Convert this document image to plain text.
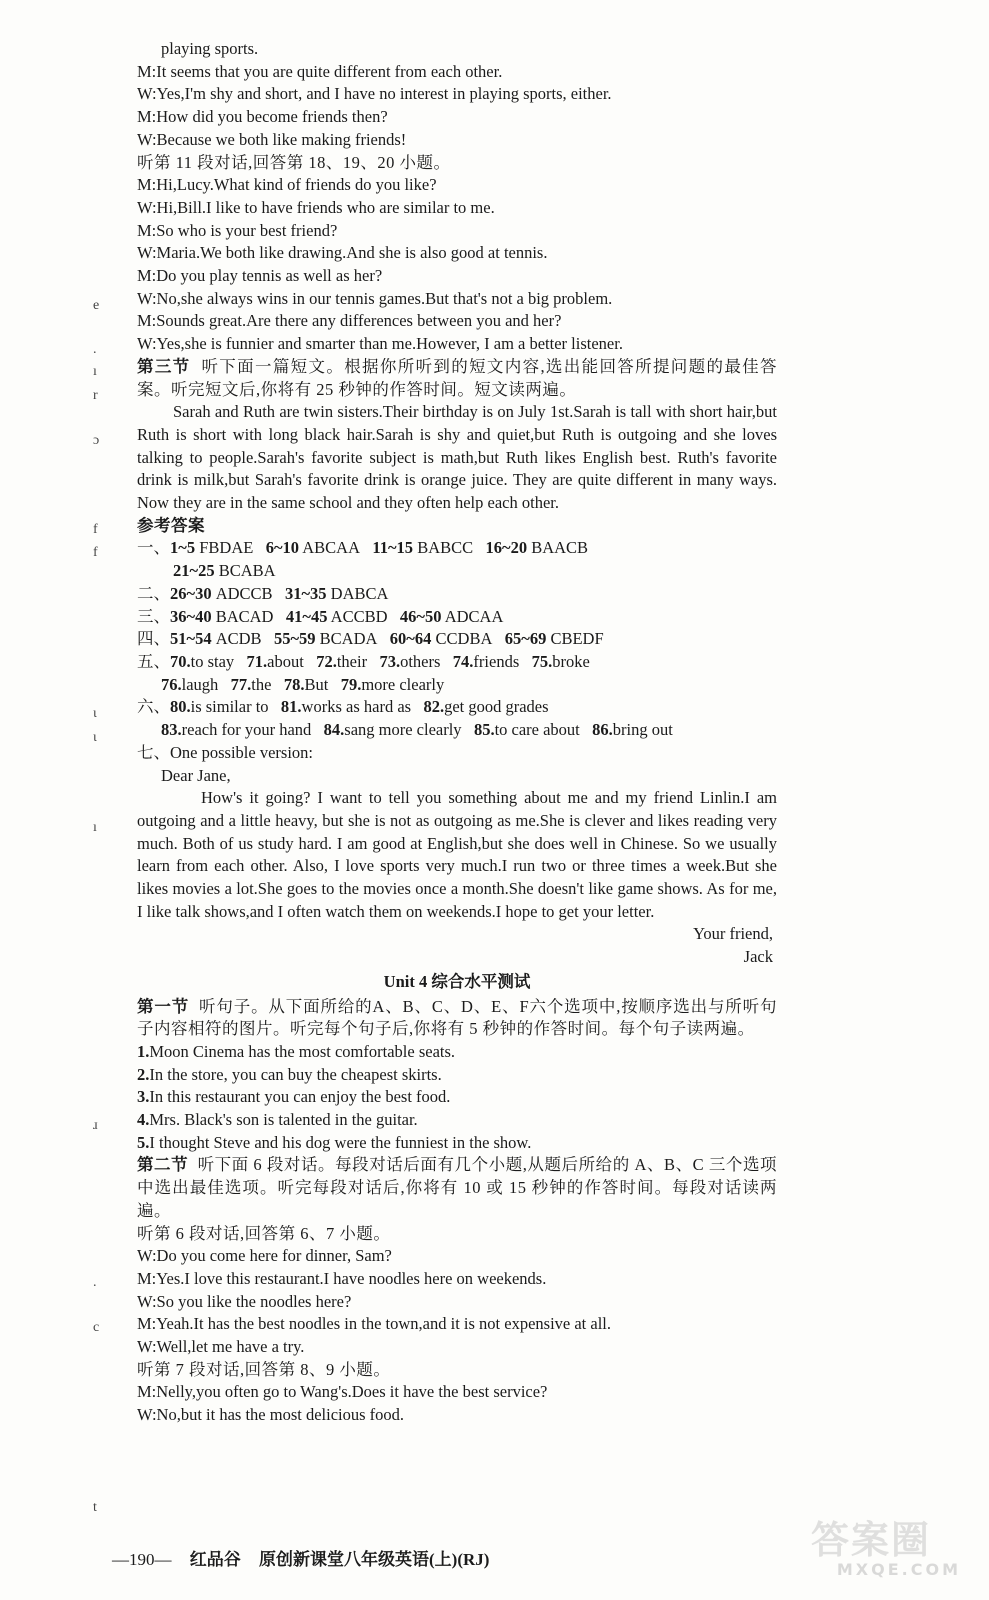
e
.
ı
r
ɔ
f
f
ɩ
ɩ
ı
ɹ
.
c
t
playing sports.
M:It seems that you are quite different from each other.
W:Yes,I'm shy and short, and I have no interest in playing sports, either.
M:How did you become friends then?
W:Because we both like making friends!
听第 11 段对话,回答第 18、19、20 小题。
M:Hi,Lucy.What kind of friends do you like?
W:Hi,Bill.I like to have friends who are similar to me.
M:So who is your best friend?
W:Maria.We both like drawing.And she is also good at tennis.
M:Do you play tennis as well as her?
W:No,she always wins in our tennis games.But that's not a big problem.
M:Sounds great.Are there any differences between you and her?
W:Yes,she is funnier and smarter than me.However, I am a better listener.
第三节 听下面一篇短文。根据你所听到的短文内容,选出能回答所提问题的最佳答案。听完短文后,你将有 25 秒钟的作答时间。短文读两遍。
Sarah and Ruth are twin sisters.Their birthday is on July 1st.Sarah is tall with short hair,but Ruth is short with long black hair.Sarah is shy and quiet,but Ruth is outgoing and she loves talking to people.Sarah's favorite subject is math,but Ruth likes English best. Ruth's favorite drink is milk,but Sarah's favorite drink is orange juice. They are quite different in many ways. Now they are in the same school and they often help each other.
参考答案
一、1~5 FBDAE 6~10 ABCAA 11~15 BABCC 16~20 BAACB
21~25 BCABA
二、26~30 ADCCB 31~35 DABCA
三、36~40 BACAD 41~45 ACCBD 46~50 ADCAA
四、51~54 ACDB 55~59 BCADA 60~64 CCDBA 65~69 CBEDF
五、70.to stay 71.about 72.their 73.others 74.friends 75.broke
76.laugh 77.the 78.But 79.more clearly
六、80.is similar to 81.works as hard as 82.get good grades
83.reach for your hand 84.sang more clearly 85.to care about 86.bring out
七、One possible version:
Dear Jane,
How's it going? I want to tell you something about me and my friend Linlin.I am outgoing and a little heavy, but she is not as outgoing as me.She is clever and likes reading very much. Both of us study hard. I am good at English,but she does well in Chinese. So we usually learn from each other. Also, I love sports very much.I run two or three times a week.But she likes movies a lot.She goes to the movies once a month.She doesn't like game shows. As for me, I like talk shows,and I often watch them on weekends.I hope to get your letter.
Your friend,
Jack
Unit 4 综合水平测试
第一节 听句子。从下面所给的A、B、C、D、E、F六个选项中,按顺序选出与所听句子内容相符的图片。听完每个句子后,你将有 5 秒钟的作答时间。每个句子读两遍。
1.Moon Cinema has the most comfortable seats.
2.In the store, you can buy the cheapest skirts.
3.In this restaurant you can enjoy the best food.
4.Mrs. Black's son is talented in the guitar.
5.I thought Steve and his dog were the funniest in the show.
第二节 听下面 6 段对话。每段对话后面有几个小题,从题后所给的 A、B、C 三个选项中选出最佳选项。听完每段对话后,你将有 10 或 15 秒钟的作答时间。每段对话读两遍。
听第 6 段对话,回答第 6、7 小题。
W:Do you come here for dinner, Sam?
M:Yes.I love this restaurant.I have noodles here on weekends.
W:So you like the noodles here?
M:Yeah.It has the best noodles in the town,and it is not expensive at all.
W:Well,let me have a try.
听第 7 段对话,回答第 8、9 小题。
M:Nelly,you often go to Wang's.Does it have the best service?
W:No,but it has the most delicious food.
—190— 红品谷 原创新课堂八年级英语(上)(RJ)	答案圈
MXQE.COM
